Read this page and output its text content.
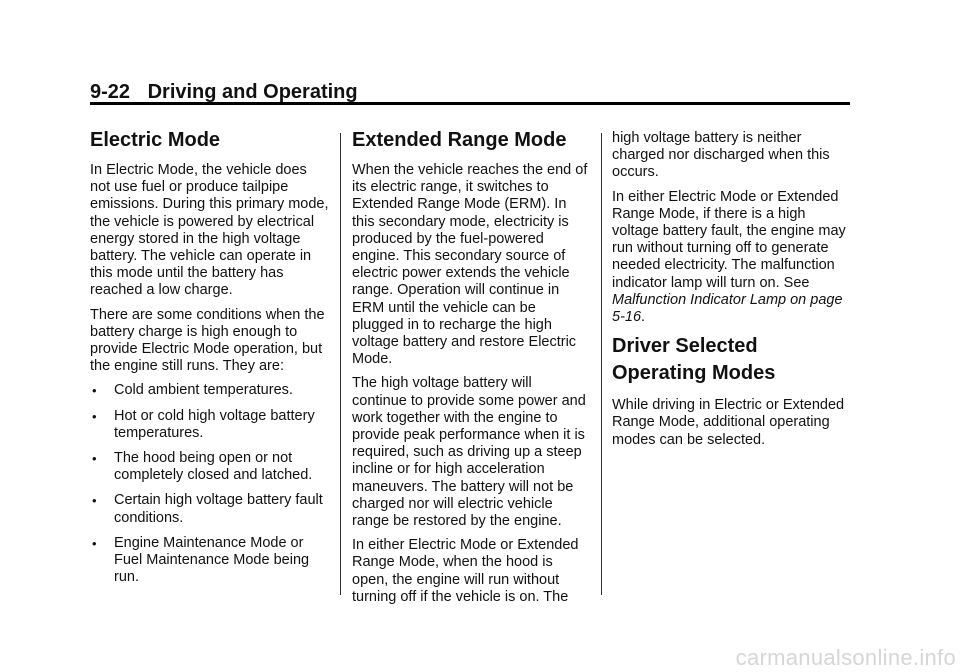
9-22 Driving and Operating
Electric Mode

In Electric Mode, the vehicle does not use fuel or produce tailpipe emissions. During this primary mode, the vehicle is powered by electrical energy stored in the high voltage battery. The vehicle can operate in this mode until the battery has reached a low charge.

There are some conditions when the battery charge is high enough to provide Electric Mode operation, but the engine still runs. They are:

• Cold ambient temperatures.
• Hot or cold high voltage battery temperatures.
• The hood being open or not completely closed and latched.
• Certain high voltage battery fault conditions.
• Engine Maintenance Mode or Fuel Maintenance Mode being run.
Extended Range Mode

When the vehicle reaches the end of its electric range, it switches to Extended Range Mode (ERM). In this secondary mode, electricity is produced by the fuel-powered engine. This secondary source of electric power extends the vehicle range. Operation will continue in ERM until the vehicle can be plugged in to recharge the high voltage battery and restore Electric Mode.

The high voltage battery will continue to provide some power and work together with the engine to provide peak performance when it is required, such as driving up a steep incline or for high acceleration maneuvers. The battery will not be charged nor will electric vehicle range be restored by the engine.

In either Electric Mode or Extended Range Mode, when the hood is open, the engine will run without turning off if the vehicle is on. The

high voltage battery is neither charged nor discharged when this occurs.

In either Electric Mode or Extended Range Mode, if there is a high voltage battery fault, the engine may run without turning off to generate needed electricity. The malfunction indicator lamp will turn on. See Malfunction Indicator Lamp on page 5-16.

Driver Selected Operating Modes

While driving in Electric or Extended Range Mode, additional operating modes can be selected.

carmanualsonline.info
